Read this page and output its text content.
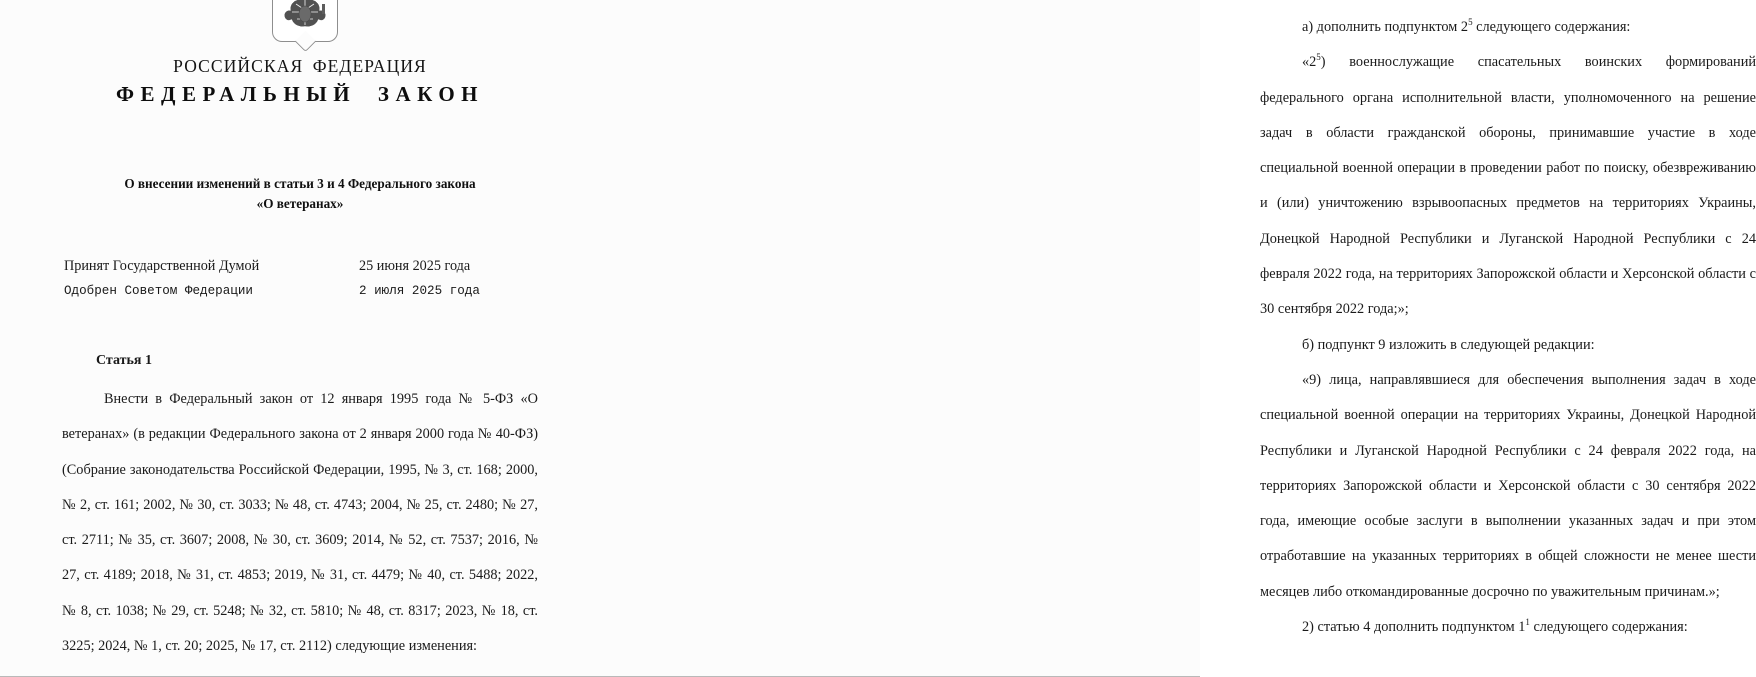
РОССИЙСКАЯ ФЕДЕРАЦИЯ
ФЕДЕРАЛЬНЫЙ ЗАКОН
О внесении изменений в статьи 3 и 4 Федерального закона
«О ветеранах»
Принят Государственной Думой	25 июня 2025 года
Одобрен Советом Федерации	2 июля 2025 года
Статья 1

Внести в Федеральный закон от 12 января 1995 года № 5-ФЗ «О ветеранах» (в редакции Федерального закона от 2 января 2000 года № 40-ФЗ) (Собрание законодательства Российской Федерации, 1995, № 3, ст. 168; 2000, № 2, ст. 161; 2002, № 30, ст. 3033; № 48, ст. 4743; 2004, № 25, ст. 2480; № 27, ст. 2711; № 35, ст. 3607; 2008, № 30, ст. 3609; 2014, № 52, ст. 7537; 2016, № 27, ст. 4189; 2018, № 31, ст. 4853; 2019, № 31, ст. 4479; № 40, ст. 5488; 2022, № 8, ст. 1038; № 29, ст. 5248; № 32, ст. 5810; № 48, ст. 8317; 2023, № 18, ст. 3225; 2024, № 1, ст. 20; 2025, № 17, ст. 2112) следующие изменения:

а) дополнить подпунктом $2^5$ следующего содержания:

«$2^5$) военнослужащие спасательных воинских формирований федерального органа исполнительной власти, уполномоченного на решение задач в области гражданской обороны, принимавшие участие в ходе специальной военной операции в проведении работ по поиску, обезвреживанию и (или) уничтожению взрывоопасных предметов на территориях Украины, Донецкой Народной Республики и Луганской Народной Республики с 24 февраля 2022 года, на территориях Запорожской области и Херсонской области с 30 сентября 2022 года;»;

б) подпункт 9 изложить в следующей редакции:

«9) лица, направлявшиеся для обеспечения выполнения задач в ходе специальной военной операции на территориях Украины, Донецкой Народной Республики и Луганской Народной Республики с 24 февраля 2022 года, на территориях Запорожской области и Херсонской области с 30 сентября 2022 года, имеющие особые заслуги в выполнении указанных задач и при этом отработавшие на указанных территориях в общей сложности не менее шести месяцев либо откомандированные досрочно по уважительным причинам.»;

2) статью 4 дополнить подпунктом $1^1$ следующего содержания:
